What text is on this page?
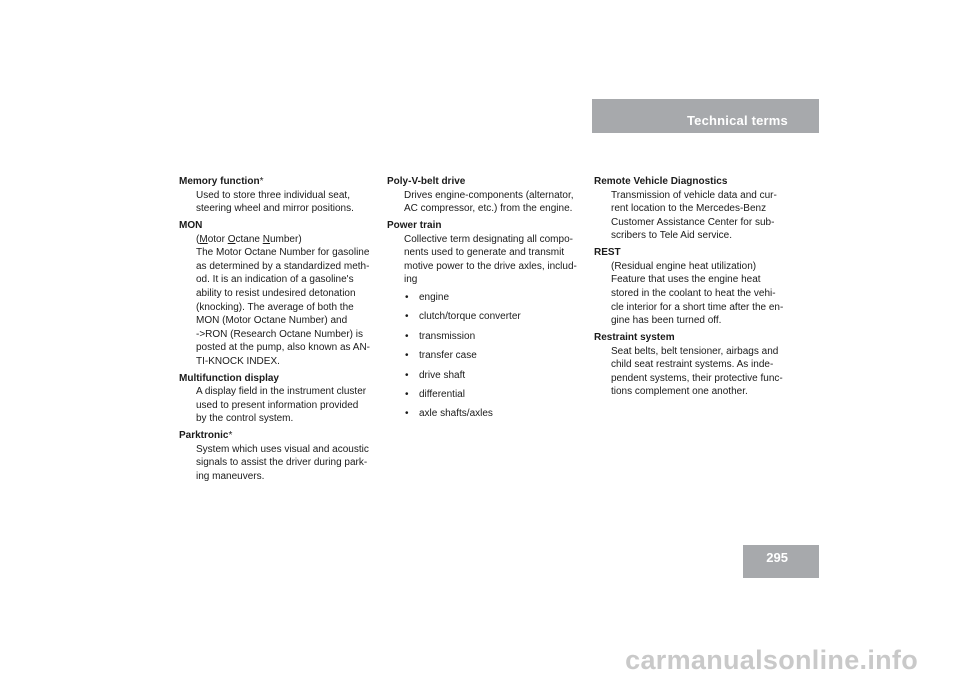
Technical terms

Memory function*

Used to store three individual seat,

steering wheel and mirror positions.

MON

(Motor Octane Number)

The Motor Octane Number for gasoline

as determined by a standardized meth-

od. It is an indication of a gasoline's

ability to resist undesired detonation

(knocking). The average of both the

MON (Motor Octane Number) and

->RON (Research Octane Number) is

posted at the pump, also known as AN-

TI-KNOCK INDEX.

Multifunction display

A display field in the instrument cluster

used to present information provided

by the control system.

Parktronic*

System which uses visual and acoustic

signals to assist the driver during park-

ing maneuvers.

Poly-V-belt drive

Drives engine-components (alternator,

AC compressor, etc.) from the engine.

Power train

Collective term designating all compo-

nents used to generate and transmit

motive power to the drive axles, includ-

ing

• engine
• clutch/torque converter
• transmission
• transfer case
• drive shaft
• differential
• axle shafts/axles

Remote Vehicle Diagnostics

Transmission of vehicle data and cur-

rent location to the Mercedes-Benz

Customer Assistance Center for sub-

scribers to Tele Aid service.

REST

(Residual engine heat utilization)

Feature that uses the engine heat

stored in the coolant to heat the vehi-

cle interior for a short time after the en-

gine has been turned off.

Restraint system

Seat belts, belt tensioner, airbags and

child seat restraint systems. As inde-

pendent systems, their protective func-

tions complement one another.

295
carmanualsonline.info
